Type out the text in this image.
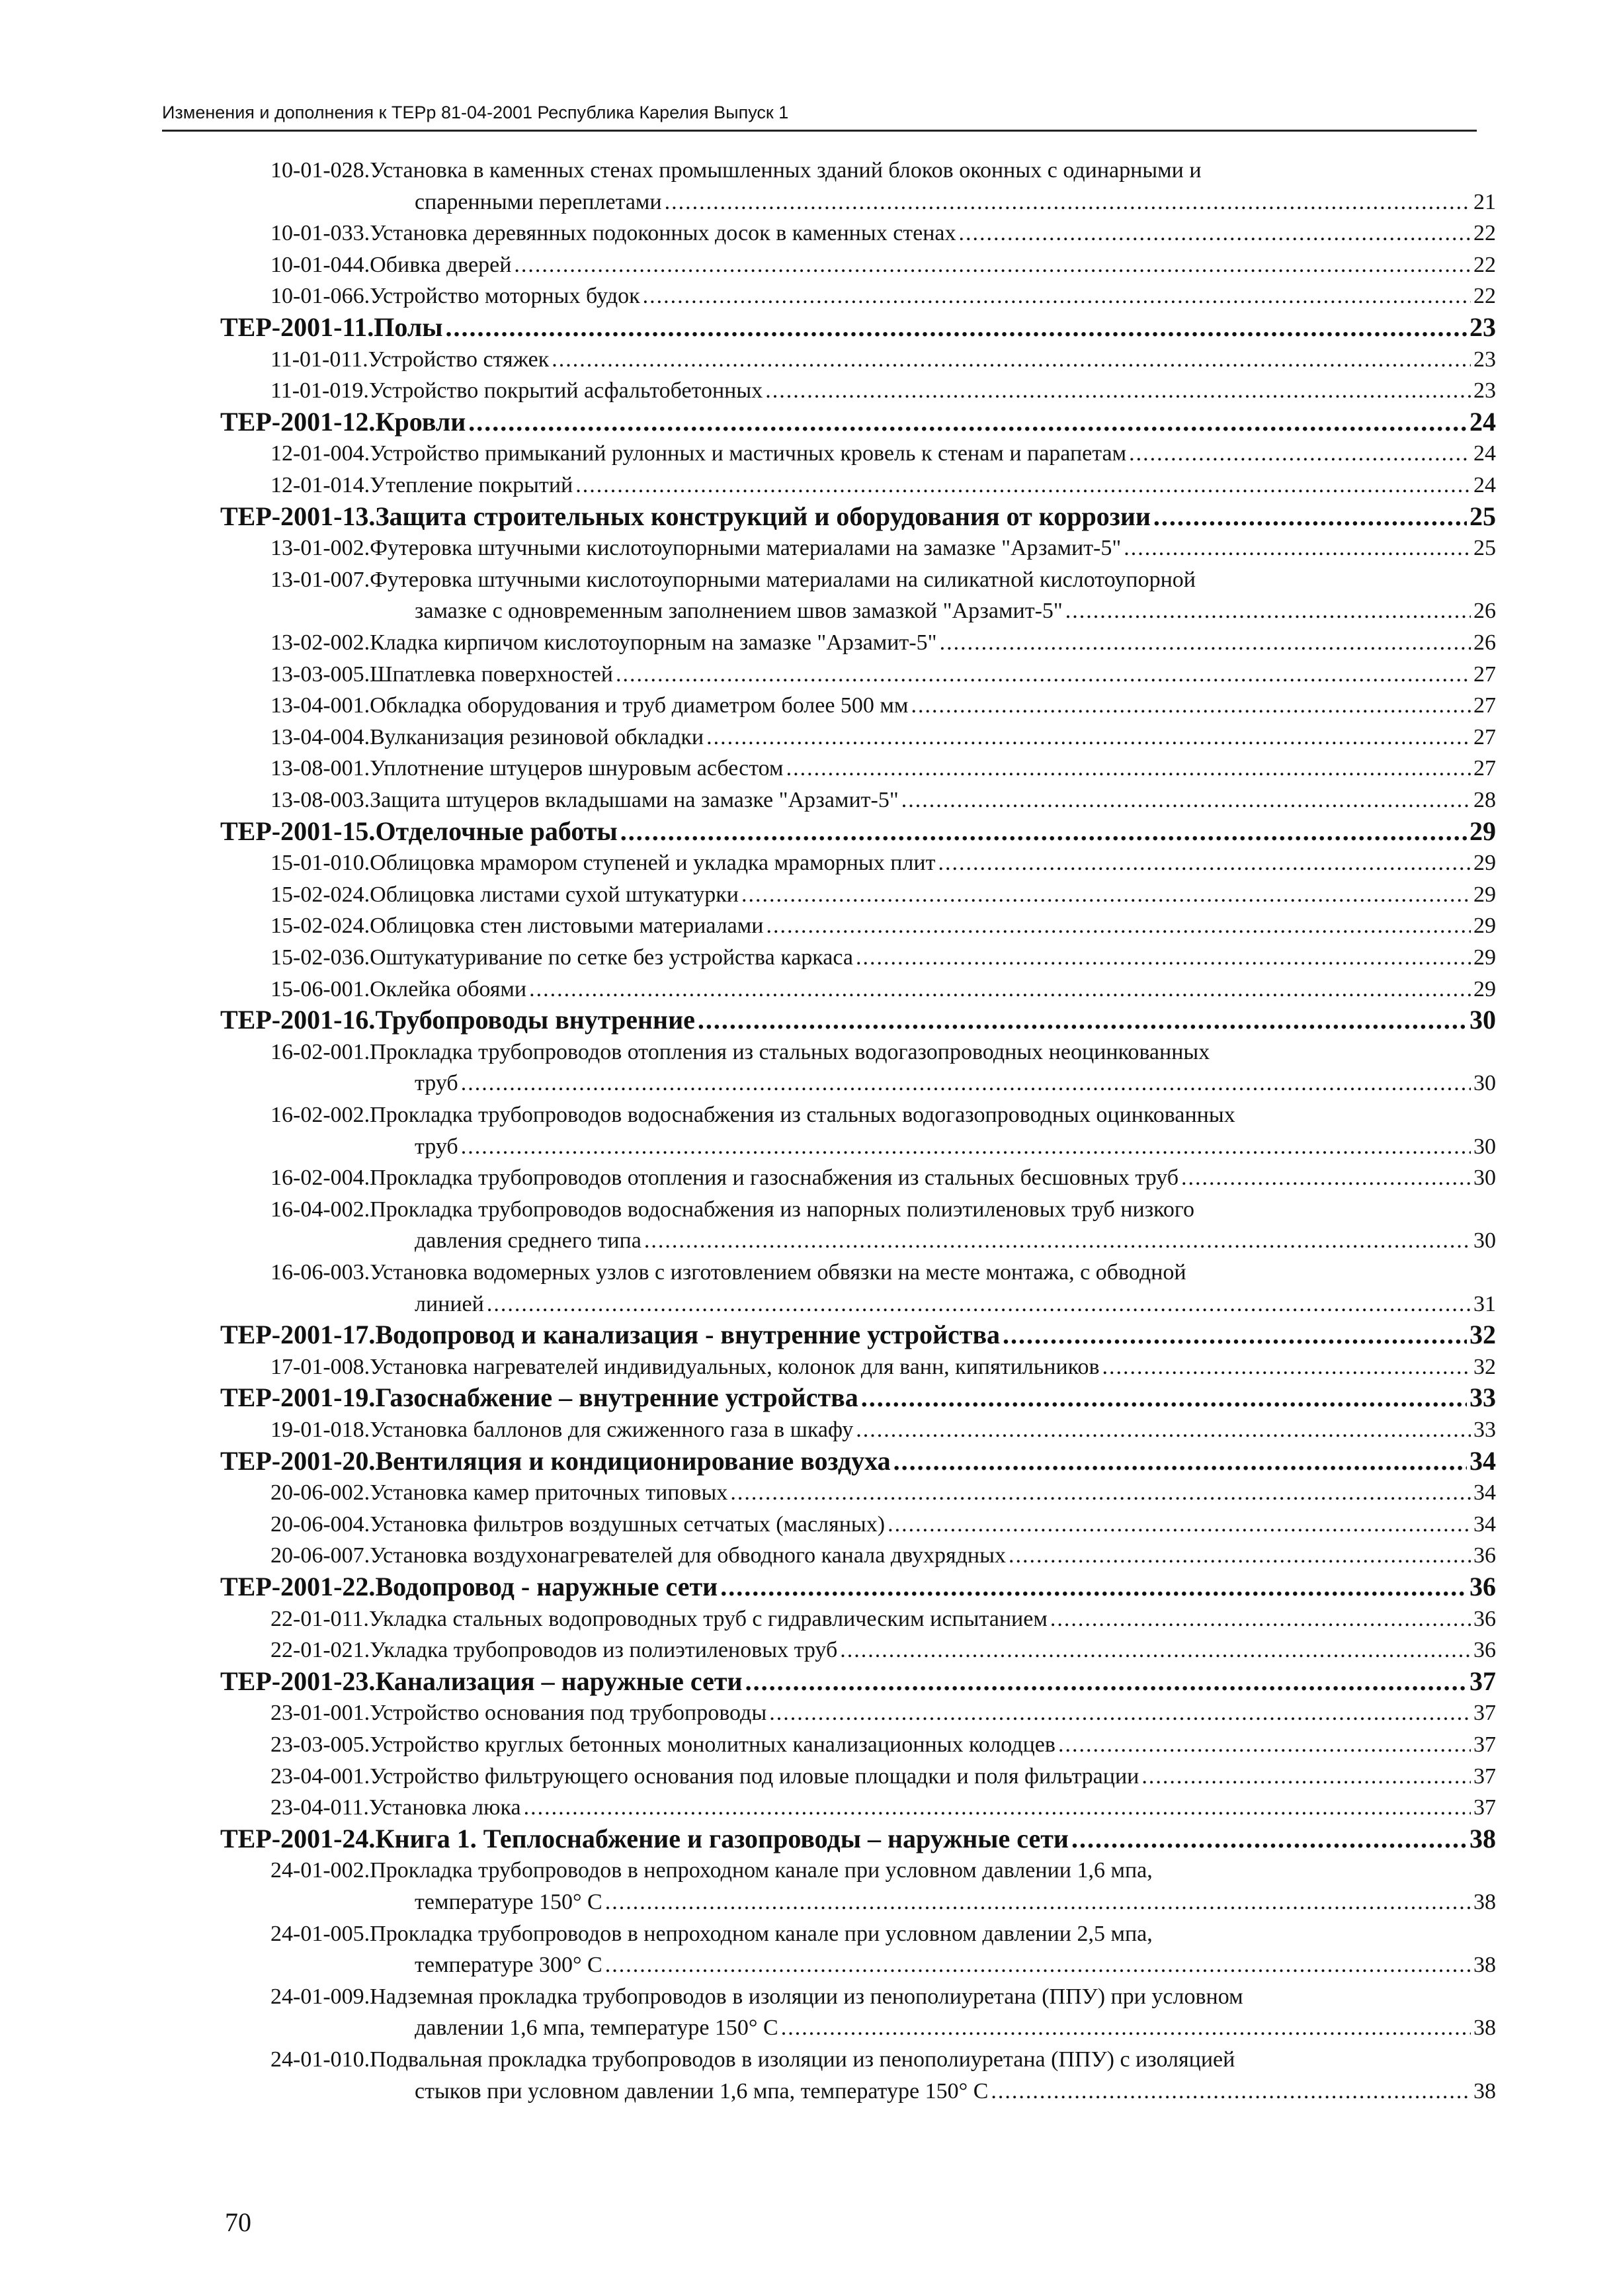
Изменения и дополнения к ТЕРр 81-04-2001 Республика Карелия Выпуск 1
10-01-028. Установка в каменных стенах промышленных зданий блоков оконных с одинарными и
спаренными переплетами .....	21
10-01-033. Установка деревянных подоконных досок в каменных стенах .....	22
10-01-044. Обивка дверей .....	22
10-01-066. Устройство моторных будок .....	22
ТЕР-2001-11. Полы .....	23
11-01-011. Устройство стяжек .....	23
11-01-019. Устройство покрытий асфальтобетонных .....	23
ТЕР-2001-12. Кровли .....	24
12-01-004. Устройство примыканий рулонных и мастичных кровель к стенам и парапетам .....	24
12-01-014. Утепление покрытий .....	24
ТЕР-2001-13. Защита строительных конструкций и оборудования от коррозии .....	25
13-01-002. Футеровка штучными кислотоупорными материалами на замазке "Арзамит-5" .....	25
13-01-007. Футеровка штучными кислотоупорными материалами на силикатной кислотоупорной
замазке с одновременным заполнением швов замазкой "Арзамит-5" .....	26
13-02-002. Кладка кирпичом кислотоупорным на замазке "Арзамит-5" .....	26
13-03-005. Шпатлевка поверхностей .....	27
13-04-001. Обкладка оборудования и труб диаметром более 500 мм .....	27
13-04-004. Вулканизация резиновой обкладки .....	27
13-08-001. Уплотнение штуцеров шнуровым асбестом .....	27
13-08-003. Защита штуцеров вкладышами на замазке "Арзамит-5" .....	28
ТЕР-2001-15. Отделочные работы .....	29
15-01-010. Облицовка мрамором ступеней и укладка мраморных плит .....	29
15-02-024. Облицовка листами сухой штукатурки .....	29
15-02-024. Облицовка стен листовыми материалами .....	29
15-02-036. Оштукатуривание по сетке без устройства каркаса .....	29
15-06-001. Оклейка обоями .....	29
ТЕР-2001-16. Трубопроводы внутренние .....	30
16-02-001. Прокладка трубопроводов отопления из стальных водогазопроводных неоцинкованных
труб .....	30
16-02-002. Прокладка трубопроводов водоснабжения из стальных водогазопроводных оцинкованных
труб .....	30
16-02-004. Прокладка трубопроводов отопления и газоснабжения из стальных бесшовных труб .....	30
16-04-002. Прокладка трубопроводов водоснабжения из напорных полиэтиленовых труб низкого
давления среднего типа .....	30
16-06-003. Установка водомерных узлов с изготовлением обвязки на месте монтажа, с обводной
линией .....	31
ТЕР-2001-17. Водопровод и канализация - внутренние устройства .....	32
17-01-008. Установка нагревателей индивидуальных, колонок для ванн, кипятильников .....	32
ТЕР-2001-19. Газоснабжение – внутренние устройства .....	33
19-01-018. Установка баллонов для сжиженного газа в шкафу .....	33
ТЕР-2001-20. Вентиляция и кондиционирование воздуха .....	34
20-06-002. Установка камер приточных типовых .....	34
20-06-004. Установка фильтров воздушных сетчатых (масляных) .....	34
20-06-007. Установка воздухонагревателей для обводного канала двухрядных .....	36
ТЕР-2001-22. Водопровод - наружные сети .....	36
22-01-011. Укладка стальных водопроводных труб с гидравлическим испытанием .....	36
22-01-021. Укладка трубопроводов из полиэтиленовых труб .....	36
ТЕР-2001-23. Канализация – наружные сети .....	37
23-01-001. Устройство основания под трубопроводы .....	37
23-03-005. Устройство круглых бетонных монолитных канализационных колодцев .....	37
23-04-001. Устройство фильтрующего основания под иловые площадки и поля фильтрации .....	37
23-04-011. Установка люка .....	37
ТЕР-2001-24. Книга 1. Теплоснабжение и газопроводы – наружные сети .....	38
24-01-002. Прокладка трубопроводов в непроходном канале при условном давлении 1,6 мпа,
температуре 150° С .....	38
24-01-005. Прокладка трубопроводов в непроходном канале при условном давлении 2,5 мпа,
температуре 300° С .....	38
24-01-009. Надземная прокладка трубопроводов в изоляции из пенополиуретана (ППУ) при условном
давлении 1,6 мпа, температуре 150° С .....	38
24-01-010. Подвальная прокладка трубопроводов в изоляции из пенополиуретана (ППУ) с изоляцией
стыков при условном давлении 1,6 мпа, температуре 150° С .....	38
70
